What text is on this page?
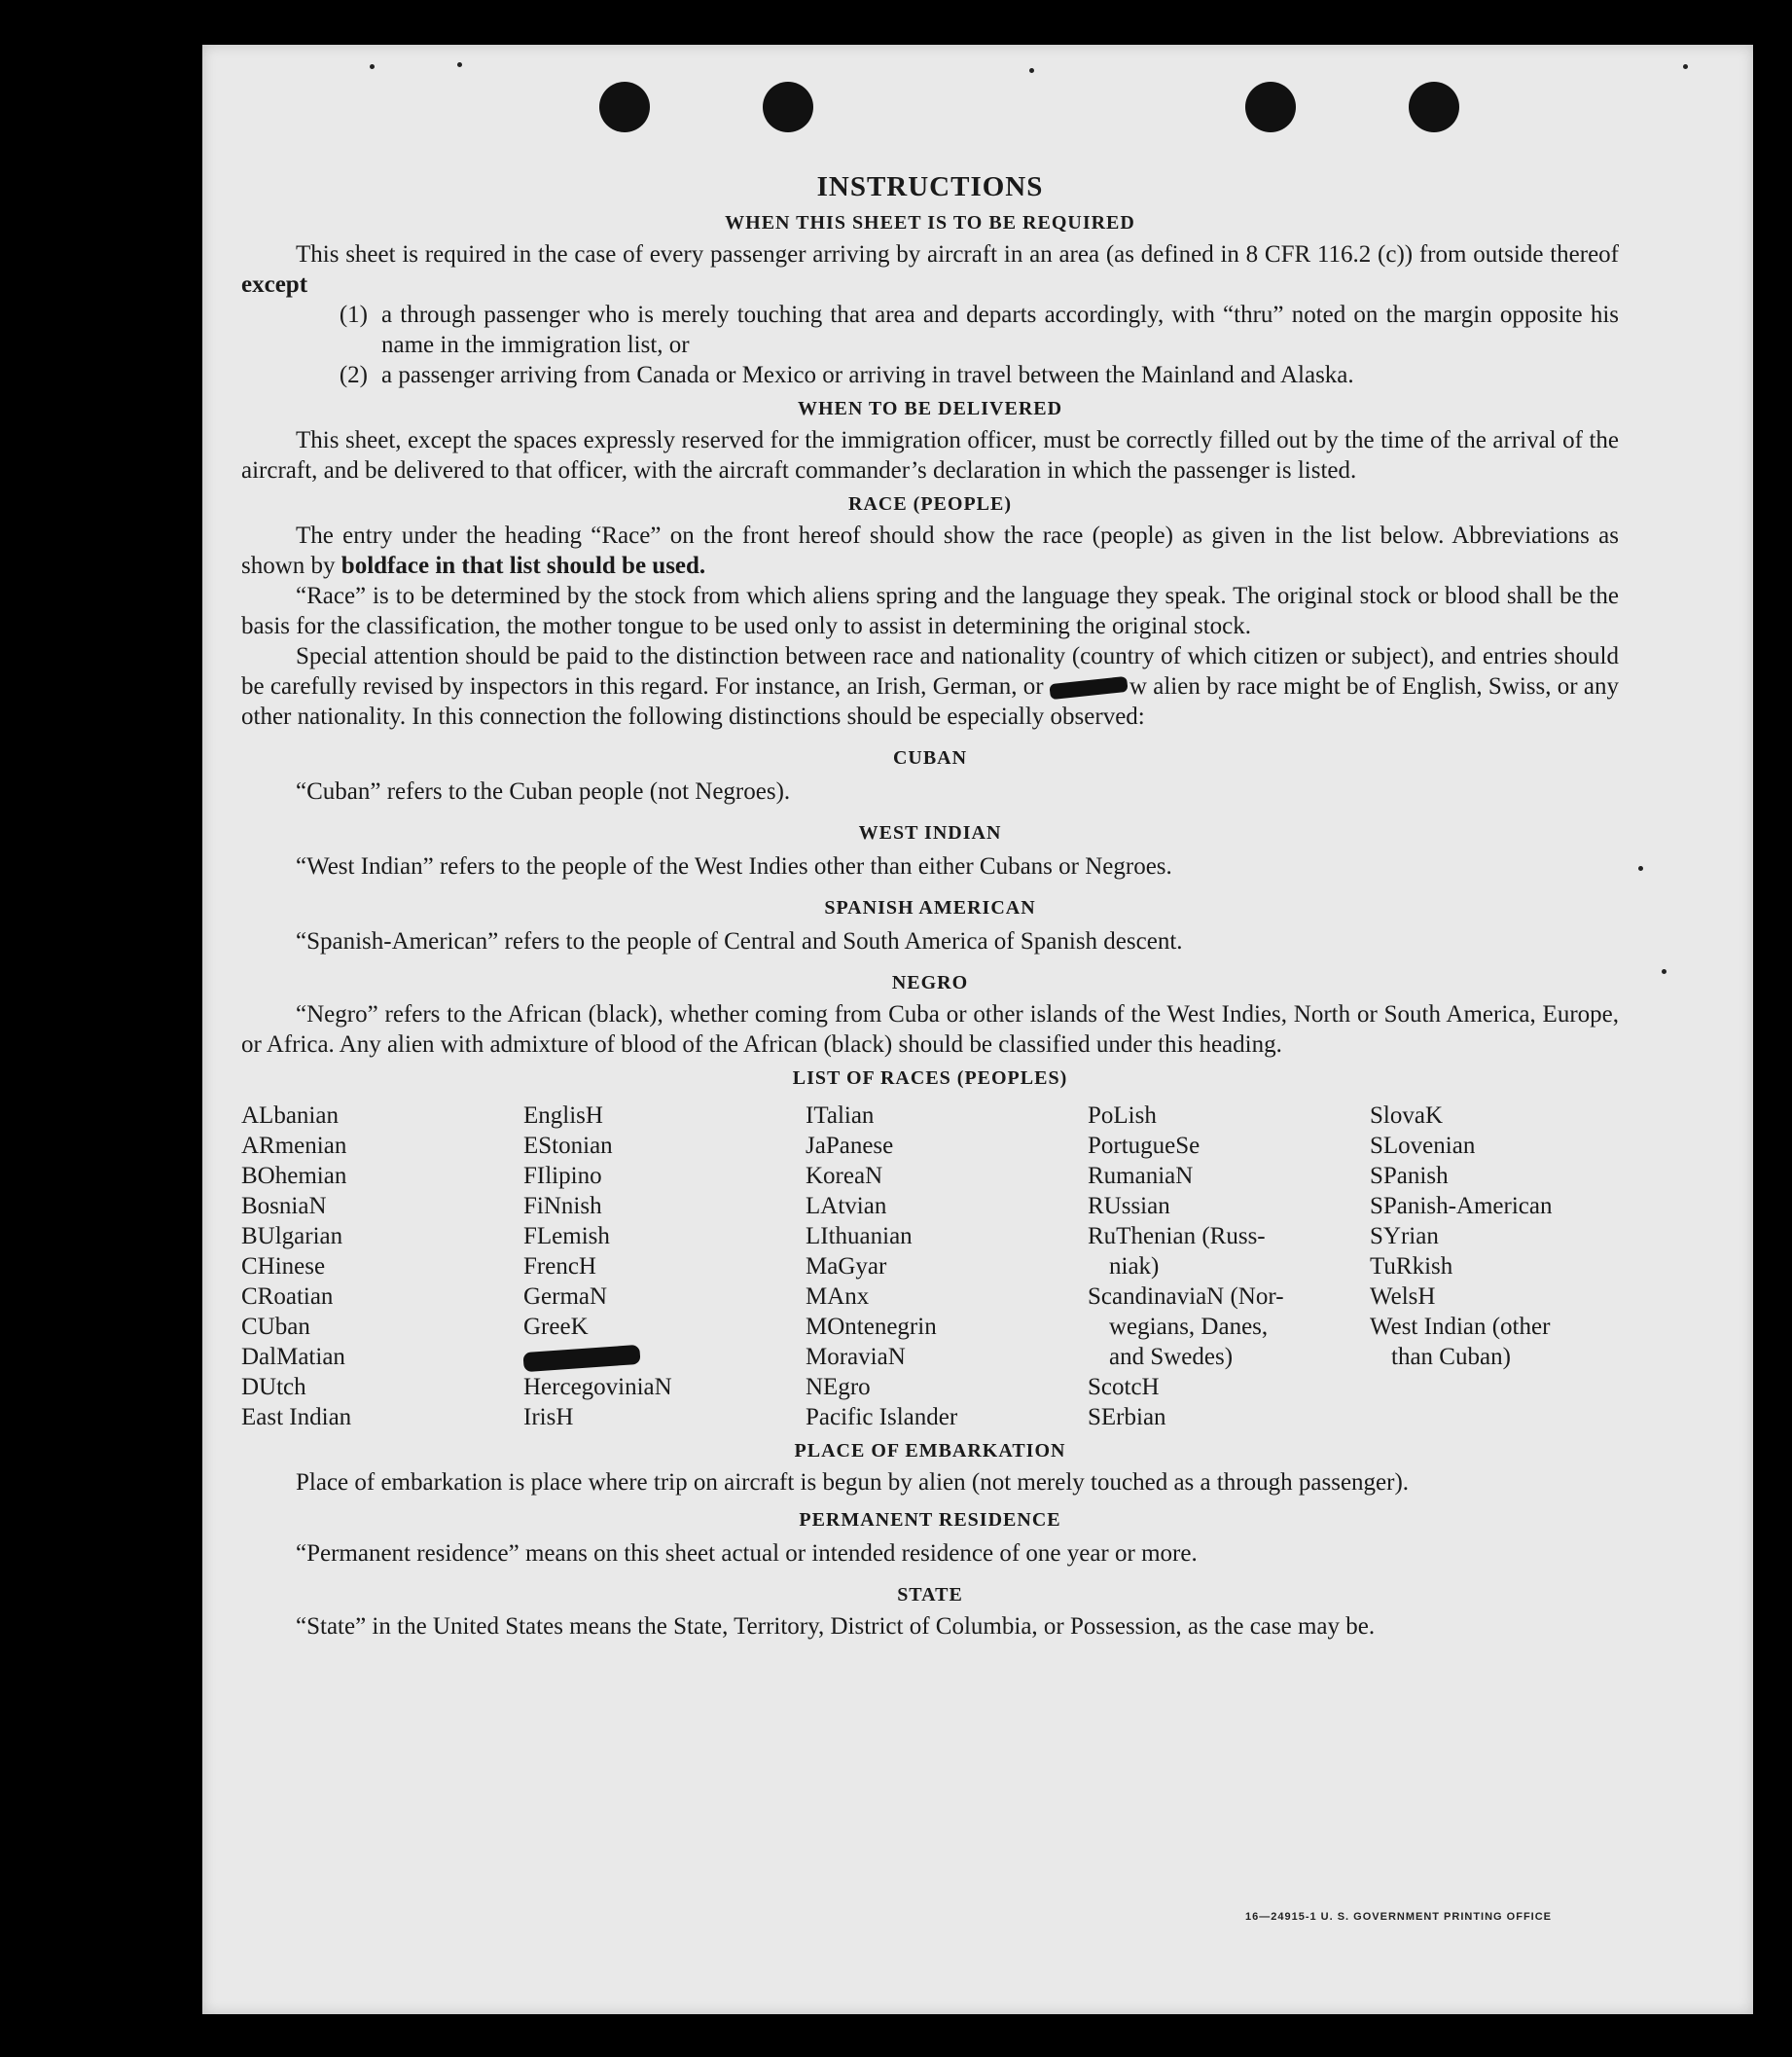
INSTRUCTIONS
WHEN THIS SHEET IS TO BE REQUIRED

This sheet is required in the case of every passenger arriving by aircraft in an area (as defined in 8 CFR 116.2 (c)) from outside thereof except

(1) a through passenger who is merely touching that area and departs accordingly, with “thru” noted on the margin opposite his name in the immigration list, or
(2) a passenger arriving from Canada or Mexico or arriving in travel between the Mainland and Alaska.
WHEN TO BE DELIVERED

This sheet, except the spaces expressly reserved for the immigration officer, must be correctly filled out by the time of the arrival of the aircraft, and be delivered to that officer, with the aircraft commander’s declaration in which the passenger is listed.

RACE (PEOPLE)

The entry under the heading “Race” on the front hereof should show the race (people) as given in the list below. Abbreviations as shown by boldface in that list should be used.

“Race” is to be determined by the stock from which aliens spring and the language they speak. The original stock or blood shall be the basis for the classification, the mother tongue to be used only to assist in determining the original stock.

Special attention should be paid to the distinction between race and nationality (country of which citizen or subject), and entries should be carefully revised by inspectors in this regard. For instance, an Irish, German, or	w alien by race might be of English, Swiss, or any other nationality. In this connection the following distinctions should be especially observed:

CUBAN

“Cuban” refers to the Cuban people (not Negroes).

WEST INDIAN

“West Indian” refers to the people of the West Indies other than either Cubans or Negroes.

SPANISH AMERICAN

“Spanish-American” refers to the people of Central and South America of Spanish descent.

NEGRO

“Negro” refers to the African (black), whether coming from Cuba or other islands of the West Indies, North or South America, Europe, or Africa. Any alien with admixture of blood of the African (black) should be classified under this heading.

LIST OF RACES (PEOPLES)
ALbanian
ARmenian
BOhemian
BosniaN
BUlgarian
CHinese
CRoatian
CUban
DalMatian
DUtch
East Indian
EnglisH
EStonian
FIlipino
FiNnish
FLemish
FrencH
GermaN
GreeK
HercegoviniaN
IrisH
ITalian
JaPanese
KoreaN
LAtvian
LIthuanian
MaGyar
MAnx
MOntenegrin
MoraviaN
NEgro
Pacific Islander
PoLish
PortugueSe
RumaniaN
RUssian
RuThenian (Russ-
niak)
ScandinaviaN (Nor-
wegians, Danes,
and Swedes)
ScotcH
SErbian
SlovaK
SLovenian
SPanish
SPanish-American
SYrian
TuRkish
WelsH
West Indian (other
than Cuban)
PLACE OF EMBARKATION

Place of embarkation is place where trip on aircraft is begun by alien (not merely touched as a through passenger).

PERMANENT RESIDENCE

“Permanent residence” means on this sheet actual or intended residence of one year or more.

STATE

“State” in the United States means the State, Territory, District of Columbia, or Possession, as the case may be.

16—24915-1 U. S. GOVERNMENT PRINTING OFFICE
